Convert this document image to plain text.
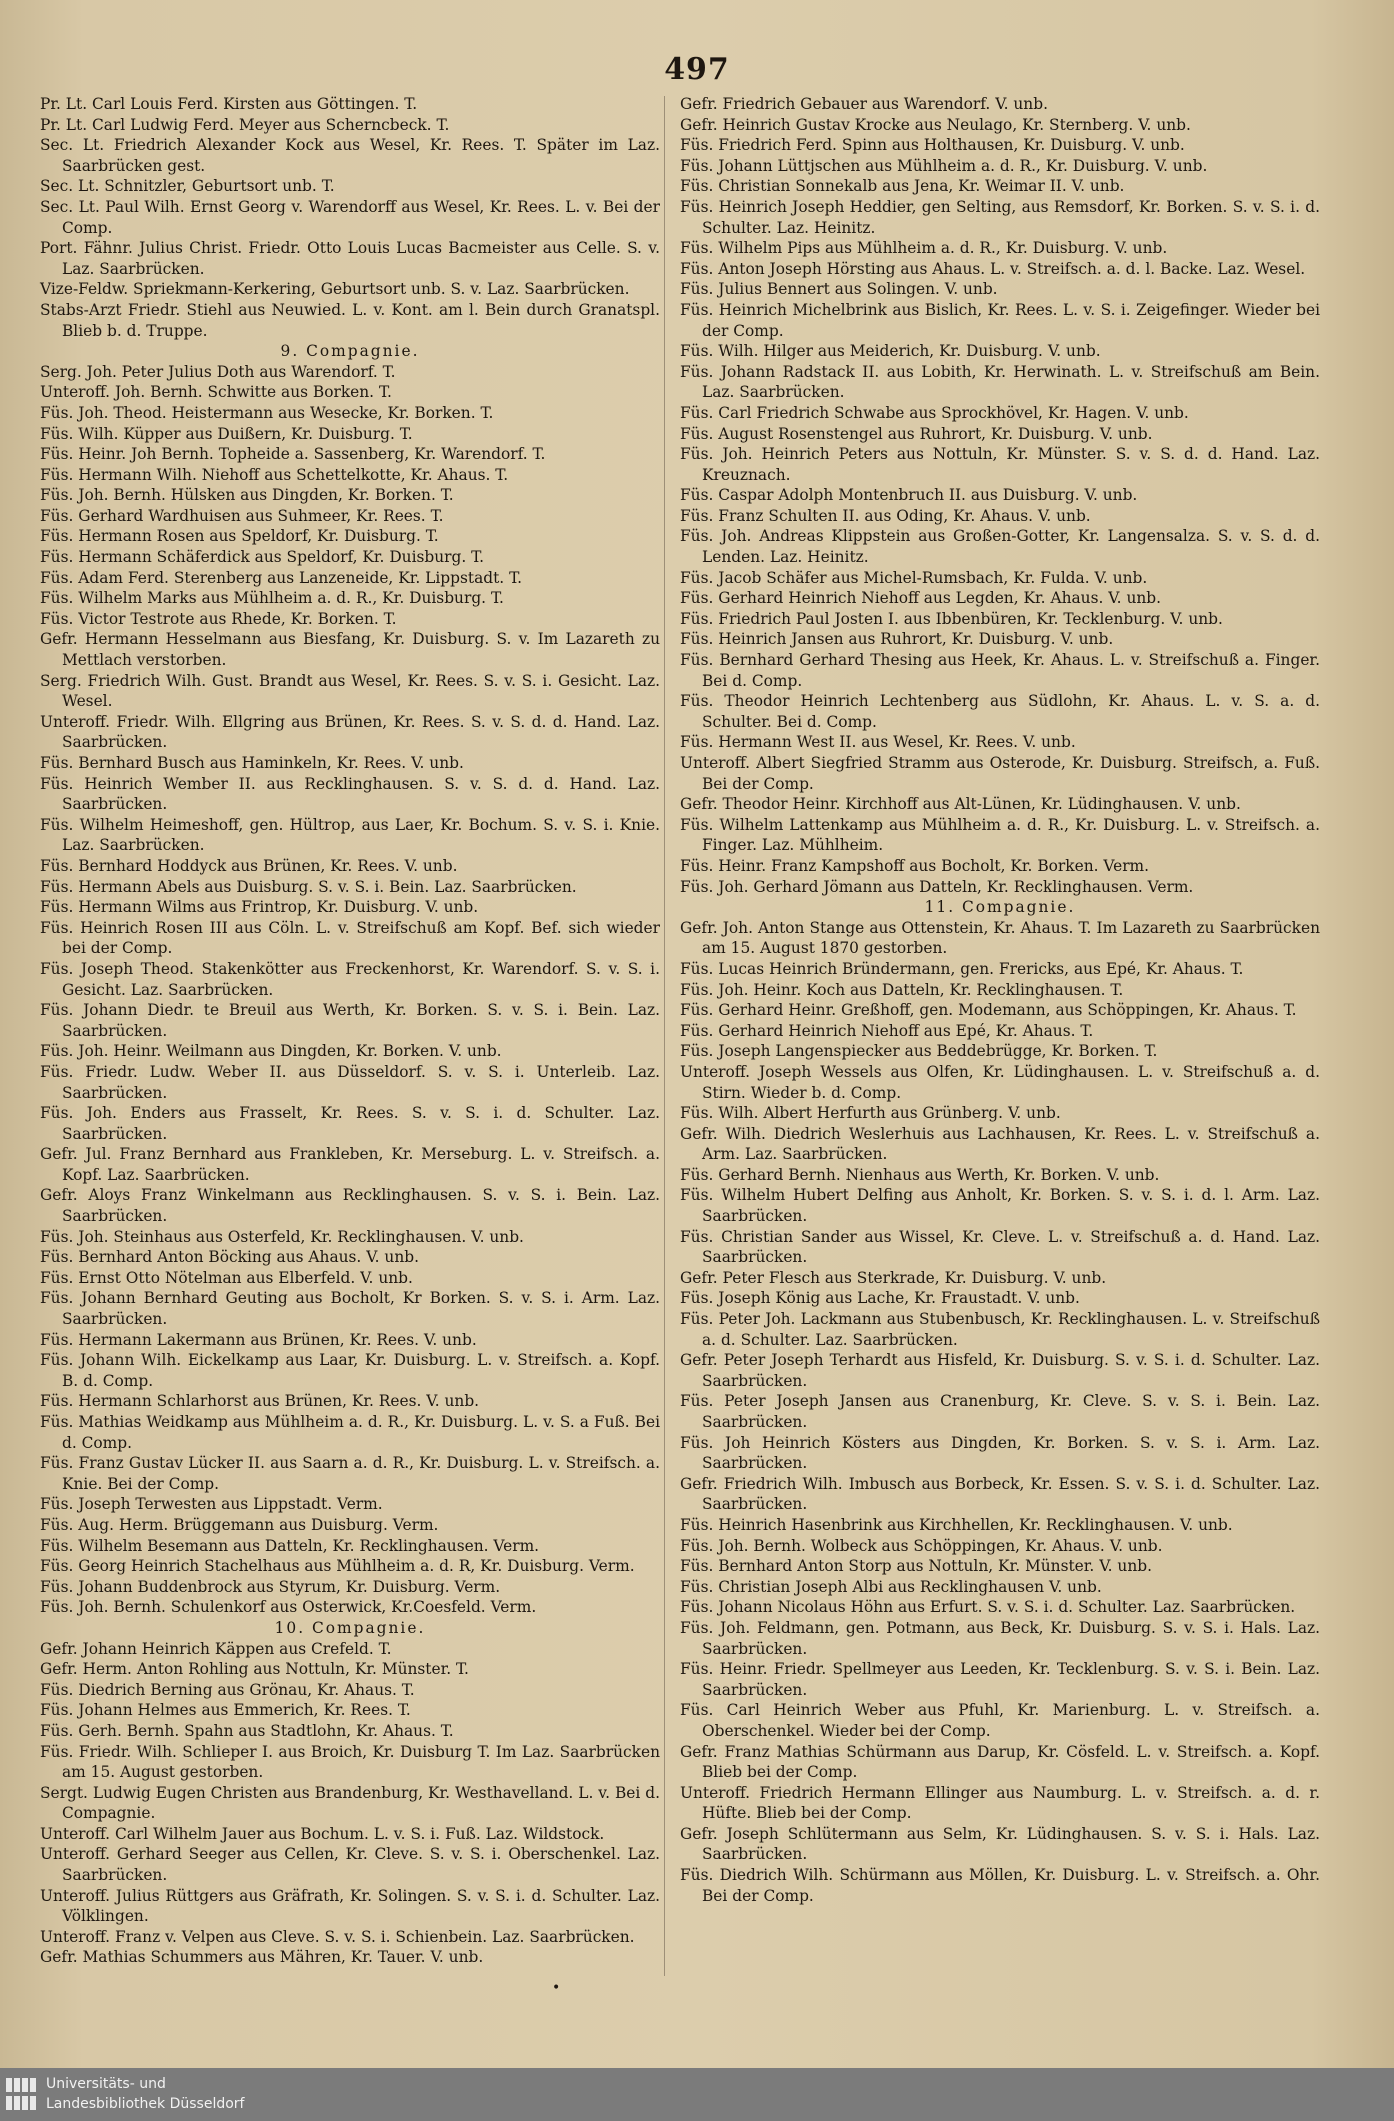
497

Pr. Lt. Carl Louis Ferd. Kirsten aus Göttingen. T.

Pr. Lt. Carl Ludwig Ferd. Meyer aus Scherncbeck. T.

Sec. Lt. Friedrich Alexander Kock aus Wesel, Kr. Rees. T. Später im Laz. Saarbrücken gest.

Sec. Lt. Schnitzler, Geburtsort unb. T.

Sec. Lt. Paul Wilh. Ernst Georg v. Warendorff aus Wesel, Kr. Rees. L. v. Bei der Comp.

Port. Fähnr. Julius Christ. Friedr. Otto Louis Lucas Bacmeister aus Celle. S. v. Laz. Saarbrücken.

Vize-Feldw. Spriekmann-Kerkering, Geburtsort unb. S. v. Laz. Saarbrücken.

Stabs-Arzt Friedr. Stiehl aus Neuwied. L. v. Kont. am l. Bein durch Granatspl. Blieb b. d. Truppe.

9. Compagnie.

Serg. Joh. Peter Julius Doth aus Warendorf. T.

Unteroff. Joh. Bernh. Schwitte aus Borken. T.

Füs. Joh. Theod. Heistermann aus Wesecke, Kr. Borken. T.

Füs. Wilh. Küpper aus Duißern, Kr. Duisburg. T.

Füs. Heinr. Joh Bernh. Topheide a. Sassenberg, Kr. Warendorf. T.

Füs. Hermann Wilh. Niehoff aus Schettelkotte, Kr. Ahaus. T.

Füs. Joh. Bernh. Hülsken aus Dingden, Kr. Borken. T.

Füs. Gerhard Wardhuisen aus Suhmeer, Kr. Rees. T.

Füs. Hermann Rosen aus Speldorf, Kr. Duisburg. T.

Füs. Hermann Schäferdick aus Speldorf, Kr. Duisburg. T.

Füs. Adam Ferd. Sterenberg aus Lanzeneide, Kr. Lippstadt. T.

Füs. Wilhelm Marks aus Mühlheim a. d. R., Kr. Duisburg. T.

Füs. Victor Testrote aus Rhede, Kr. Borken. T.

Gefr. Hermann Hesselmann aus Biesfang, Kr. Duisburg. S. v. Im Lazareth zu Mettlach verstorben.

Serg. Friedrich Wilh. Gust. Brandt aus Wesel, Kr. Rees. S. v. S. i. Gesicht. Laz. Wesel.

Unteroff. Friedr. Wilh. Ellgring aus Brünen, Kr. Rees. S. v. S. d. d. Hand. Laz. Saarbrücken.

Füs. Bernhard Busch aus Haminkeln, Kr. Rees. V. unb.

Füs. Heinrich Wember II. aus Recklinghausen. S. v. S. d. d. Hand. Laz. Saarbrücken.

Füs. Wilhelm Heimeshoff, gen. Hültrop, aus Laer, Kr. Bochum. S. v. S. i. Knie. Laz. Saarbrücken.

Füs. Bernhard Hoddyck aus Brünen, Kr. Rees. V. unb.

Füs. Hermann Abels aus Duisburg. S. v. S. i. Bein. Laz. Saarbrücken.

Füs. Hermann Wilms aus Frintrop, Kr. Duisburg. V. unb.

Füs. Heinrich Rosen III aus Cöln. L. v. Streifschuß am Kopf. Bef. sich wieder bei der Comp.

Füs. Joseph Theod. Stakenkötter aus Freckenhorst, Kr. Warendorf. S. v. S. i. Gesicht. Laz. Saarbrücken.

Füs. Johann Diedr. te Breuil aus Werth, Kr. Borken. S. v. S. i. Bein. Laz. Saarbrücken.

Füs. Joh. Heinr. Weilmann aus Dingden, Kr. Borken. V. unb.

Füs. Friedr. Ludw. Weber II. aus Düsseldorf. S. v. S. i. Unterleib. Laz. Saarbrücken.

Füs. Joh. Enders aus Frasselt, Kr. Rees. S. v. S. i. d. Schulter. Laz. Saarbrücken.

Gefr. Jul. Franz Bernhard aus Frankleben, Kr. Merseburg. L. v. Streifsch. a. Kopf. Laz. Saarbrücken.

Gefr. Aloys Franz Winkelmann aus Recklinghausen. S. v. S. i. Bein. Laz. Saarbrücken.

Füs. Joh. Steinhaus aus Osterfeld, Kr. Recklinghausen. V. unb.

Füs. Bernhard Anton Böcking aus Ahaus. V. unb.

Füs. Ernst Otto Nötelman aus Elberfeld. V. unb.

Füs. Johann Bernhard Geuting aus Bocholt, Kr Borken. S. v. S. i. Arm. Laz. Saarbrücken.

Füs. Hermann Lakermann aus Brünen, Kr. Rees. V. unb.

Füs. Johann Wilh. Eickelkamp aus Laar, Kr. Duisburg. L. v. Streifsch. a. Kopf. B. d. Comp.

Füs. Hermann Schlarhorst aus Brünen, Kr. Rees. V. unb.

Füs. Mathias Weidkamp aus Mühlheim a. d. R., Kr. Duisburg. L. v. S. a Fuß. Bei d. Comp.

Füs. Franz Gustav Lücker II. aus Saarn a. d. R., Kr. Duisburg. L. v. Streifsch. a. Knie. Bei der Comp.

Füs. Joseph Terwesten aus Lippstadt. Verm.

Füs. Aug. Herm. Brüggemann aus Duisburg. Verm.

Füs. Wilhelm Besemann aus Datteln, Kr. Recklinghausen. Verm.

Füs. Georg Heinrich Stachelhaus aus Mühlheim a. d. R, Kr. Duisburg. Verm.

Füs. Johann Buddenbrock aus Styrum, Kr. Duisburg. Verm.

Füs. Joh. Bernh. Schulenkorf aus Osterwick, Kr.Coesfeld. Verm.

10. Compagnie.

Gefr. Johann Heinrich Käppen aus Crefeld. T.

Gefr. Herm. Anton Rohling aus Nottuln, Kr. Münster. T.

Füs. Diedrich Berning aus Grönau, Kr. Ahaus. T.

Füs. Johann Helmes aus Emmerich, Kr. Rees. T.

Füs. Gerh. Bernh. Spahn aus Stadtlohn, Kr. Ahaus. T.

Füs. Friedr. Wilh. Schlieper I. aus Broich, Kr. Duisburg T. Im Laz. Saarbrücken am 15. August gestorben.

Sergt. Ludwig Eugen Christen aus Brandenburg, Kr. Westhavelland. L. v. Bei d. Compagnie.

Unteroff. Carl Wilhelm Jauer aus Bochum. L. v. S. i. Fuß. Laz. Wildstock.

Unteroff. Gerhard Seeger aus Cellen, Kr. Cleve. S. v. S. i. Oberschenkel. Laz. Saarbrücken.

Unteroff. Julius Rüttgers aus Gräfrath, Kr. Solingen. S. v. S. i. d. Schulter. Laz. Völklingen.

Unteroff. Franz v. Velpen aus Cleve. S. v. S. i. Schienbein. Laz. Saarbrücken.

Gefr. Mathias Schummers aus Mähren, Kr. Tauer. V. unb.

Gefr. Friedrich Gebauer aus Warendorf. V. unb.

Gefr. Heinrich Gustav Krocke aus Neulago, Kr. Sternberg. V. unb.

Füs. Friedrich Ferd. Spinn aus Holthausen, Kr. Duisburg. V. unb.

Füs. Johann Lüttjschen aus Mühlheim a. d. R., Kr. Duisburg. V. unb.

Füs. Christian Sonnekalb aus Jena, Kr. Weimar II. V. unb.

Füs. Heinrich Joseph Heddier, gen Selting, aus Remsdorf, Kr. Borken. S. v. S. i. d. Schulter. Laz. Heinitz.

Füs. Wilhelm Pips aus Mühlheim a. d. R., Kr. Duisburg. V. unb.

Füs. Anton Joseph Hörsting aus Ahaus. L. v. Streifsch. a. d. l. Backe. Laz. Wesel.

Füs. Julius Bennert aus Solingen. V. unb.

Füs. Heinrich Michelbrink aus Bislich, Kr. Rees. L. v. S. i. Zeigefinger. Wieder bei der Comp.

Füs. Wilh. Hilger aus Meiderich, Kr. Duisburg. V. unb.

Füs. Johann Radstack II. aus Lobith, Kr. Herwinath. L. v. Streifschuß am Bein. Laz. Saarbrücken.

Füs. Carl Friedrich Schwabe aus Sprockhövel, Kr. Hagen. V. unb.

Füs. August Rosenstengel aus Ruhrort, Kr. Duisburg. V. unb.

Füs. Joh. Heinrich Peters aus Nottuln, Kr. Münster. S. v. S. d. d. Hand. Laz. Kreuznach.

Füs. Caspar Adolph Montenbruch II. aus Duisburg. V. unb.

Füs. Franz Schulten II. aus Oding, Kr. Ahaus. V. unb.

Füs. Joh. Andreas Klippstein aus Großen-Gotter, Kr. Langensalza. S. v. S. d. d. Lenden. Laz. Heinitz.

Füs. Jacob Schäfer aus Michel-Rumsbach, Kr. Fulda. V. unb.

Füs. Gerhard Heinrich Niehoff aus Legden, Kr. Ahaus. V. unb.

Füs. Friedrich Paul Josten I. aus Ibbenbüren, Kr. Tecklenburg. V. unb.

Füs. Heinrich Jansen aus Ruhrort, Kr. Duisburg. V. unb.

Füs. Bernhard Gerhard Thesing aus Heek, Kr. Ahaus. L. v. Streifschuß a. Finger. Bei d. Comp.

Füs. Theodor Heinrich Lechtenberg aus Südlohn, Kr. Ahaus. L. v. S. a. d. Schulter. Bei d. Comp.

Füs. Hermann West II. aus Wesel, Kr. Rees. V. unb.

Unteroff. Albert Siegfried Stramm aus Osterode, Kr. Duisburg. Streifsch, a. Fuß. Bei der Comp.

Gefr. Theodor Heinr. Kirchhoff aus Alt-Lünen, Kr. Lüdinghausen. V. unb.

Füs. Wilhelm Lattenkamp aus Mühlheim a. d. R., Kr. Duisburg. L. v. Streifsch. a. Finger. Laz. Mühlheim.

Füs. Heinr. Franz Kampshoff aus Bocholt, Kr. Borken. Verm.

Füs. Joh. Gerhard Jömann aus Datteln, Kr. Recklinghausen. Verm.

11. Compagnie.

Gefr. Joh. Anton Stange aus Ottenstein, Kr. Ahaus. T. Im Lazareth zu Saarbrücken am 15. August 1870 gestorben.

Füs. Lucas Heinrich Bründermann, gen. Frericks, aus Epé, Kr. Ahaus. T.

Füs. Joh. Heinr. Koch aus Datteln, Kr. Recklinghausen. T.

Füs. Gerhard Heinr. Greßhoff, gen. Modemann, aus Schöppingen, Kr. Ahaus. T.

Füs. Gerhard Heinrich Niehoff aus Epé, Kr. Ahaus. T.

Füs. Joseph Langenspiecker aus Beddebrügge, Kr. Borken. T.

Unteroff. Joseph Wessels aus Olfen, Kr. Lüdinghausen. L. v. Streifschuß a. d. Stirn. Wieder b. d. Comp.

Füs. Wilh. Albert Herfurth aus Grünberg. V. unb.

Gefr. Wilh. Diedrich Weslerhuis aus Lachhausen, Kr. Rees. L. v. Streifschuß a. Arm. Laz. Saarbrücken.

Füs. Gerhard Bernh. Nienhaus aus Werth, Kr. Borken. V. unb.

Füs. Wilhelm Hubert Delfing aus Anholt, Kr. Borken. S. v. S. i. d. l. Arm. Laz. Saarbrücken.

Füs. Christian Sander aus Wissel, Kr. Cleve. L. v. Streifschuß a. d. Hand. Laz. Saarbrücken.

Gefr. Peter Flesch aus Sterkrade, Kr. Duisburg. V. unb.

Füs. Joseph König aus Lache, Kr. Fraustadt. V. unb.

Füs. Peter Joh. Lackmann aus Stubenbusch, Kr. Recklinghausen. L. v. Streifschuß a. d. Schulter. Laz. Saarbrücken.

Gefr. Peter Joseph Terhardt aus Hisfeld, Kr. Duisburg. S. v. S. i. d. Schulter. Laz. Saarbrücken.

Füs. Peter Joseph Jansen aus Cranenburg, Kr. Cleve. S. v. S. i. Bein. Laz. Saarbrücken.

Füs. Joh Heinrich Kösters aus Dingden, Kr. Borken. S. v. S. i. Arm. Laz. Saarbrücken.

Gefr. Friedrich Wilh. Imbusch aus Borbeck, Kr. Essen. S. v. S. i. d. Schulter. Laz. Saarbrücken.

Füs. Heinrich Hasenbrink aus Kirchhellen, Kr. Recklinghausen. V. unb.

Füs. Joh. Bernh. Wolbeck aus Schöppingen, Kr. Ahaus. V. unb.

Füs. Bernhard Anton Storp aus Nottuln, Kr. Münster. V. unb.

Füs. Christian Joseph Albi aus Recklinghausen V. unb.

Füs. Johann Nicolaus Höhn aus Erfurt. S. v. S. i. d. Schulter. Laz. Saarbrücken.

Füs. Joh. Feldmann, gen. Potmann, aus Beck, Kr. Duisburg. S. v. S. i. Hals. Laz. Saarbrücken.

Füs. Heinr. Friedr. Spellmeyer aus Leeden, Kr. Tecklenburg. S. v. S. i. Bein. Laz. Saarbrücken.

Füs. Carl Heinrich Weber aus Pfuhl, Kr. Marienburg. L. v. Streifsch. a. Oberschenkel. Wieder bei der Comp.

Gefr. Franz Mathias Schürmann aus Darup, Kr. Cösfeld. L. v. Streifsch. a. Kopf. Blieb bei der Comp.

Unteroff. Friedrich Hermann Ellinger aus Naumburg. L. v. Streifsch. a. d. r. Hüfte. Blieb bei der Comp.

Gefr. Joseph Schlütermann aus Selm, Kr. Lüdinghausen. S. v. S. i. Hals. Laz. Saarbrücken.

Füs. Diedrich Wilh. Schürmann aus Möllen, Kr. Duisburg. L. v. Streifsch. a. Ohr. Bei der Comp.

•
Universitäts- und
Landesbibliothek Düsseldorf
